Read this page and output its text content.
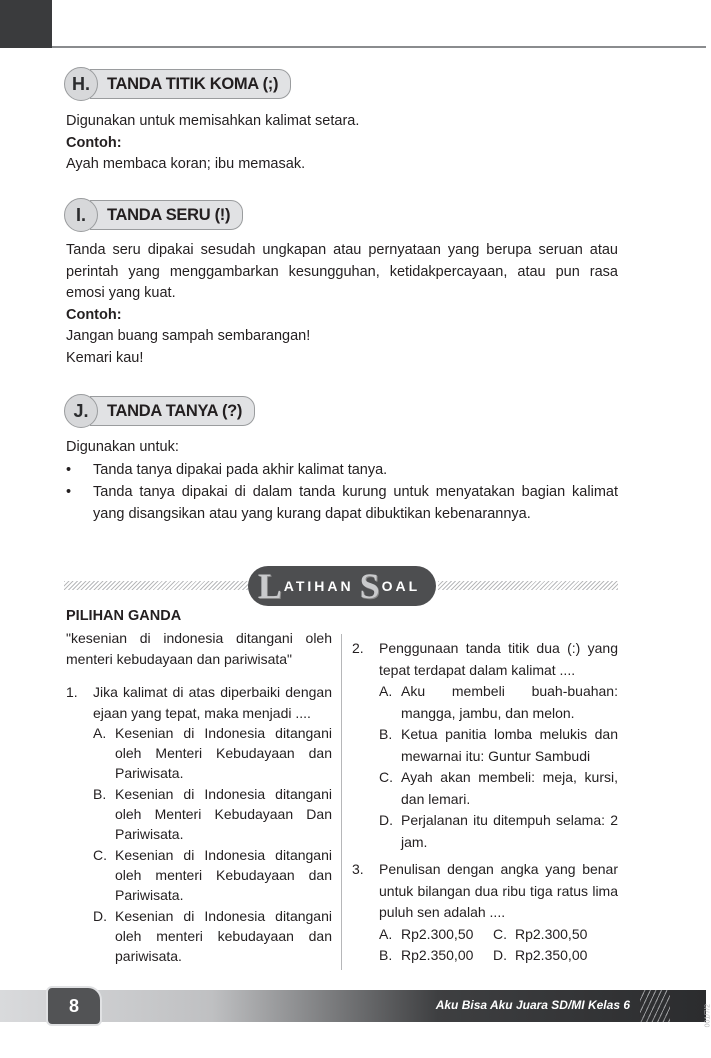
H.	TANDA TITIK KOMA (;)

Digunakan untuk memisahkan kalimat setara.

Contoh:

Ayah membaca koran; ibu memasak.

I.	TANDA SERU (!)

Tanda seru dipakai sesudah ungkapan atau pernyataan yang berupa seruan atau perintah yang menggambarkan kesungguhan, ketidakpercayaan, atau pun rasa emosi yang kuat.

Contoh:

Jangan buang sampah sembarangan!

Kemari kau!

J.	TANDA TANYA (?)

Digunakan untuk:

• Tanda tanya dipakai pada akhir kalimat tanya.
• Tanda tanya dipakai di dalam tanda kurung untuk menyatakan bagian kalimat yang disangsikan atau yang kurang dapat dibuktikan kebenarannya.
L ATIHAN S OAL

PILIHAN GANDA

"kesenian di indonesia ditangani oleh menteri kebudayaan dan pariwisata"

1. Jika kalimat di atas diperbaiki dengan ejaan yang tepat, maka menjadi ....

A. Kesenian di Indonesia ditangani oleh Menteri Kebudayaan dan Pariwisata.
B. Kesenian di Indonesia ditangani oleh Menteri Kebudayaan Dan Pariwisata.
C. Kesenian di Indonesia ditangani oleh menteri Kebudayaan dan Pariwisata.
D. Kesenian di Indonesia ditangani oleh menteri kebudayaan dan pariwisata.
2. Penggunaan tanda titik dua (:) yang tepat terdapat dalam kalimat ....

A. Aku membeli buah-buahan: mangga, jambu, dan melon.
B. Ketua panitia lomba melukis dan mewarnai itu: Guntur Sambudi
C. Ayah akan membeli: meja, kursi, dan lemari.
D. Perjalanan itu ditempuh selama: 2 jam.
3. Penulisan dengan angka yang benar untuk bilangan dua ribu tiga ratus lima puluh sen adalah ....

A. Rp2.300,50	C. Rp2.300,50
B. Rp2.350,00	D. Rp2.350,00
8	Aku Bisa Aku Juara SD/MI Kelas 6	001/7/2
